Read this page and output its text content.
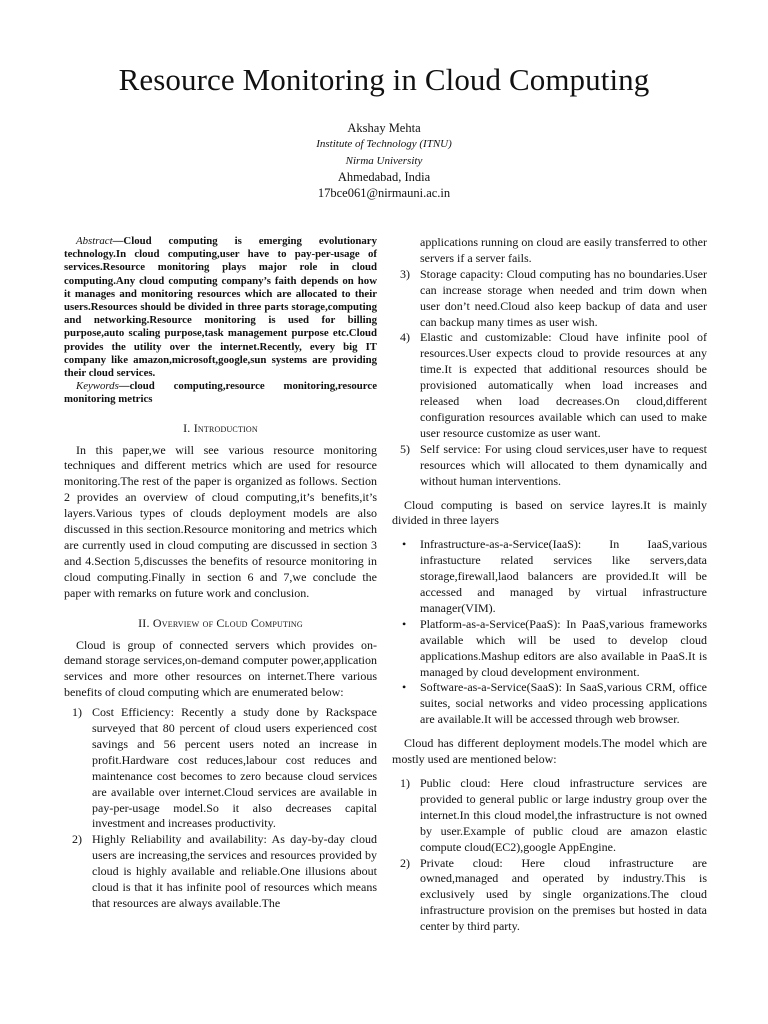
Resource Monitoring in Cloud Computing
Akshay Mehta
Institute of Technology (ITNU)
Nirma University
Ahmedabad, India
17bce061@nirmauni.ac.in

Abstract—Cloud computing is emerging evolutionary technology.In cloud computing,user have to pay-per-usage of services.Resource monitoring plays major role in cloud computing.Any cloud computing company’s faith depends on how it manages and monitoring resources which are allocated to their users.Resources should be divided in three parts storage,computing and networking.Resource monitoring is used for billing purpose,auto scaling purpose,task management purpose etc.Cloud provides the utility over the internet.Recently, every big IT company like amazon,microsoft,google,sun systems are providing their cloud services.

Keywords—cloud computing,resource monitoring,resource monitoring metrics

I. Introduction

In this paper,we will see various resource monitoring techniques and different metrics which are used for resource monitoring.The rest of the paper is organized as follows. Section 2 provides an overview of cloud computing,it’s benefits,it’s layers.Various types of clouds deployment models are also discussed in this section.Resource monitoring and metrics which are currently used in cloud computing are discussed in section 3 and 4.Section 5,discusses the benefits of resource monitoring in cloud computing.Finally in section 6 and 7,we conclude the paper with remarks on future work and conclusion.

II. Overview of Cloud Computing

Cloud is group of connected servers which provides on-demand storage services,on-demand computer power,application services and more other resources on internet.There various benefits of cloud computing which are enumerated below:

1) Cost Efficiency: Recently a study done by Rackspace surveyed that 80 percent of cloud users experienced cost savings and 56 percent users noted an increase in profit.Hardware cost reduces,labour cost reduces and maintenance cost becomes to zero because cloud services are available over internet.Cloud services are available in pay-per-usage model.So it also decreases capital investment and increases productivity.
2) Highly Reliability and availability: As day-by-day cloud users are increasing,the services and resources provided by cloud is highly available and reliable.One illusions about cloud is that it has infinite pool of resources which means that resources are always available.The

applications running on cloud are easily transferred to other servers if a server fails.

3) Storage capacity: Cloud computing has no boundaries.User can increase storage when needed and trim down when user don’t need.Cloud also keep backup of data and user can backup many times as user wish.
4) Elastic and customizable: Cloud have infinite pool of resources.User expects cloud to provide resources at any time.It is expected that additional resources should be provisioned automatically when load increases and released when load decreases.On cloud,different configuration resources available which can used to make user resource customize as user want.
5) Self service: For using cloud services,user have to request resources which will allocated to them dynamically and without human interventions.

Cloud computing is based on service layres.It is mainly divided in three layers

• Infrastructure-as-a-Service(IaaS): In IaaS,various infrastucture related services like servers,data storage,firewall,laod balancers are provided.It will be accessed and managed by virtual infrastructure manager(VIM).
• Platform-as-a-Service(PaaS): In PaaS,various frameworks available which will be used to develop cloud applications.Mashup editors are also available in PaaS.It is managed by cloud development environment.
• Software-as-a-Service(SaaS): In SaaS,various CRM, office suites, social networks and video processing applications are available.It will be accessed through web browser.

Cloud has different deployment models.The model which are mostly used are mentioned below:

1) Public cloud: Here cloud infrastructure services are provided to general public or large industry group over the internet.In this cloud model,the infrastructure is not owned by user.Example of public cloud are amazon elastic compute cloud(EC2),google AppEngine.
2) Private cloud: Here cloud infrastructure are owned,managed and operated by industry.This is exclusively used by single organizations.The cloud infrastructure provision on the premises but hosted in data center by third party.
